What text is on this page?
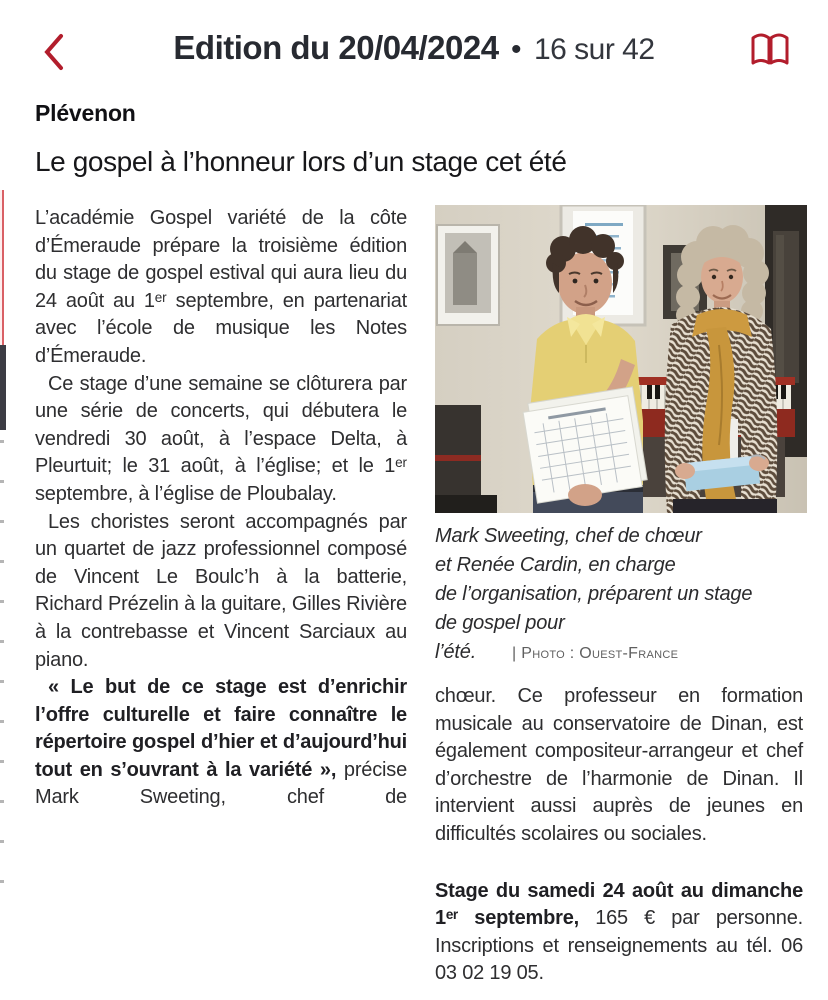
Edition du 20/04/2024 • 16 sur 42
Plévenon
Le gospel à l’honneur lors d’un stage cet été

L’académie Gospel variété de la côte d’Émeraude prépare la troisième édition du stage de gospel estival qui aura lieu du 24 août au 1ᵉʳ septembre, en partenariat avec l’école de musique les Notes d’Émeraude.

Ce stage d’une semaine se clôturera par une série de concerts, qui débutera le vendredi 30 août, à l’espace Delta, à Pleurtuit; le 31 août, à l’église; et le 1ᵉʳ septembre, à l’église de Ploubalay.

Les choristes seront accompagnés par un quartet de jazz professionnel composé de Vincent Le Boulc’h à la batterie, Richard Prézelin à la guitare, Gilles Rivière à la contrebasse et Vincent Sarciaux au piano.

« Le but de ce stage est d’enrichir l’offre culturelle et faire connaître le répertoire gospel d’hier et d’aujourd’hui tout en s’ouvrant à la variété », précise Mark Sweeting, chef de

Mark Sweeting, chef de chœur
et Renée Cardin, en charge
de l’organisation, préparent un stage
de gospel pour l’été. | Photo : Ouest-France

chœur. Ce professeur en formation musicale au conservatoire de Dinan, est également compositeur-arrangeur et chef d’orchestre de l’harmonie de Dinan. Il intervient aussi auprès de jeunes en difficultés scolaires ou sociales.

Stage du samedi 24 août au dimanche 1ᵉʳ septembre, 165 € par personne. Inscriptions et renseignements au tél. 06 03 02 19 05.
